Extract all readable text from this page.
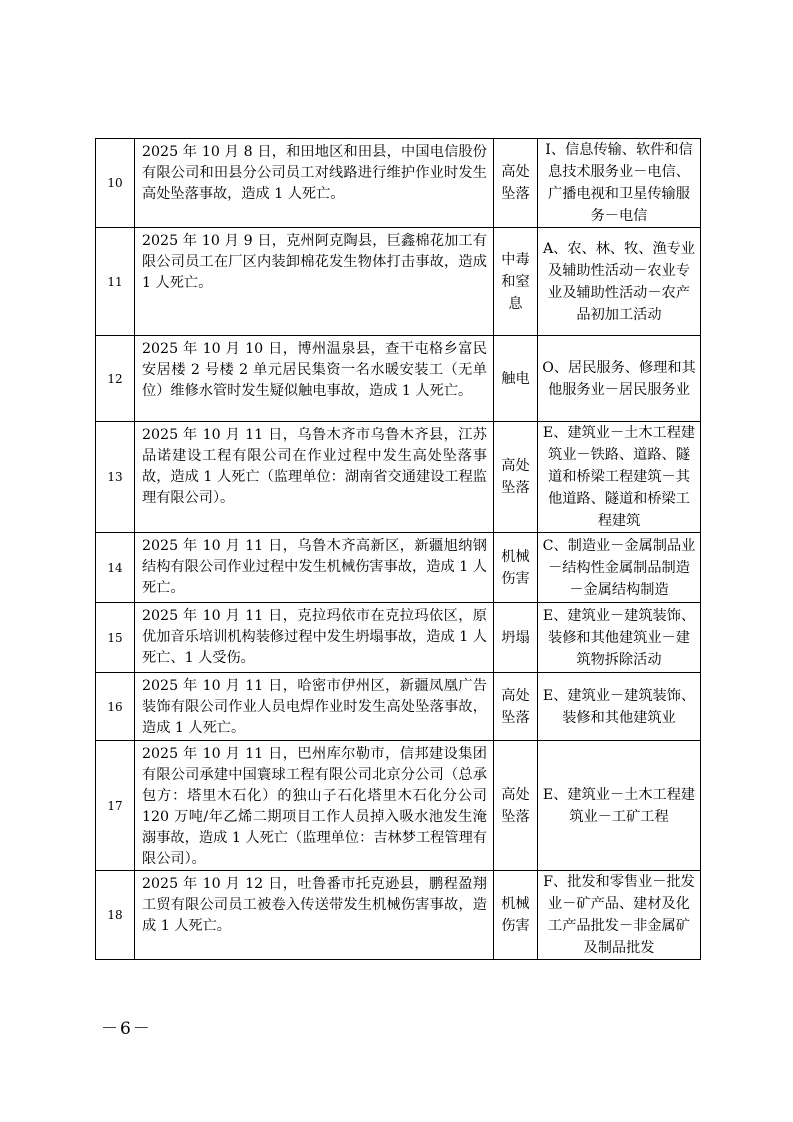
10	2025 年 10 月 8 日，和田地区和田县，中国电信股份有限公司和田县分公司员工对线路进行维护作业时发生高处坠落事故，造成 1 人死亡。	高处坠落	I、信息传输、软件和信息技术服务业－电信、广播电视和卫星传输服务－电信
11	2025 年 10 月 9 日，克州阿克陶县，巨鑫棉花加工有限公司员工在厂区内装卸棉花发生物体打击事故，造成 1 人死亡。	中毒和窒息	A、农、林、牧、渔专业及辅助性活动－农业专业及辅助性活动－农产品初加工活动
12	2025 年 10 月 10 日，博州温泉县，查干屯格乡富民安居楼 2 号楼 2 单元居民集资一名水暖安装工（无单位）维修水管时发生疑似触电事故，造成 1 人死亡。	触电	O、居民服务、修理和其他服务业－居民服务业
13	2025 年 10 月 11 日，乌鲁木齐市乌鲁木齐县，江苏品诺建设工程有限公司在作业过程中发生高处坠落事故，造成 1 人死亡（监理单位：湖南省交通建设工程监理有限公司）。	高处坠落	E、建筑业－土木工程建筑业－铁路、道路、隧道和桥梁工程建筑－其他道路、隧道和桥梁工程建筑
14	2025 年 10 月 11 日，乌鲁木齐高新区，新疆旭纳钢结构有限公司作业过程中发生机械伤害事故，造成 1 人死亡。	机械伤害	C、制造业－金属制品业－结构性金属制品制造－金属结构制造
15	2025 年 10 月 11 日，克拉玛依市在克拉玛依区，原优加音乐培训机构装修过程中发生坍塌事故，造成 1 人死亡、1 人受伤。	坍塌	E、建筑业－建筑装饰、装修和其他建筑业－建筑物拆除活动
16	2025 年 10 月 11 日，哈密市伊州区，新疆凤凰广告装饰有限公司作业人员电焊作业时发生高处坠落事故，造成 1 人死亡。	高处坠落	E、建筑业－建筑装饰、装修和其他建筑业
17	2025 年 10 月 11 日，巴州库尔勒市，信邦建设集团有限公司承建中国寰球工程有限公司北京分公司（总承包方：塔里木石化）的独山子石化塔里木石化分公司 120 万吨/年乙烯二期项目工作人员掉入吸水池发生淹溺事故，造成 1 人死亡（监理单位：吉林梦工程管理有限公司）。	高处坠落	E、建筑业－土木工程建筑业－工矿工程
18	2025 年 10 月 12 日，吐鲁番市托克逊县，鹏程盈翔工贸有限公司员工被卷入传送带发生机械伤害事故，造成 1 人死亡。	机械伤害	F、批发和零售业－批发业－矿产品、建材及化工产品批发－非金属矿及制品批发
－6－
